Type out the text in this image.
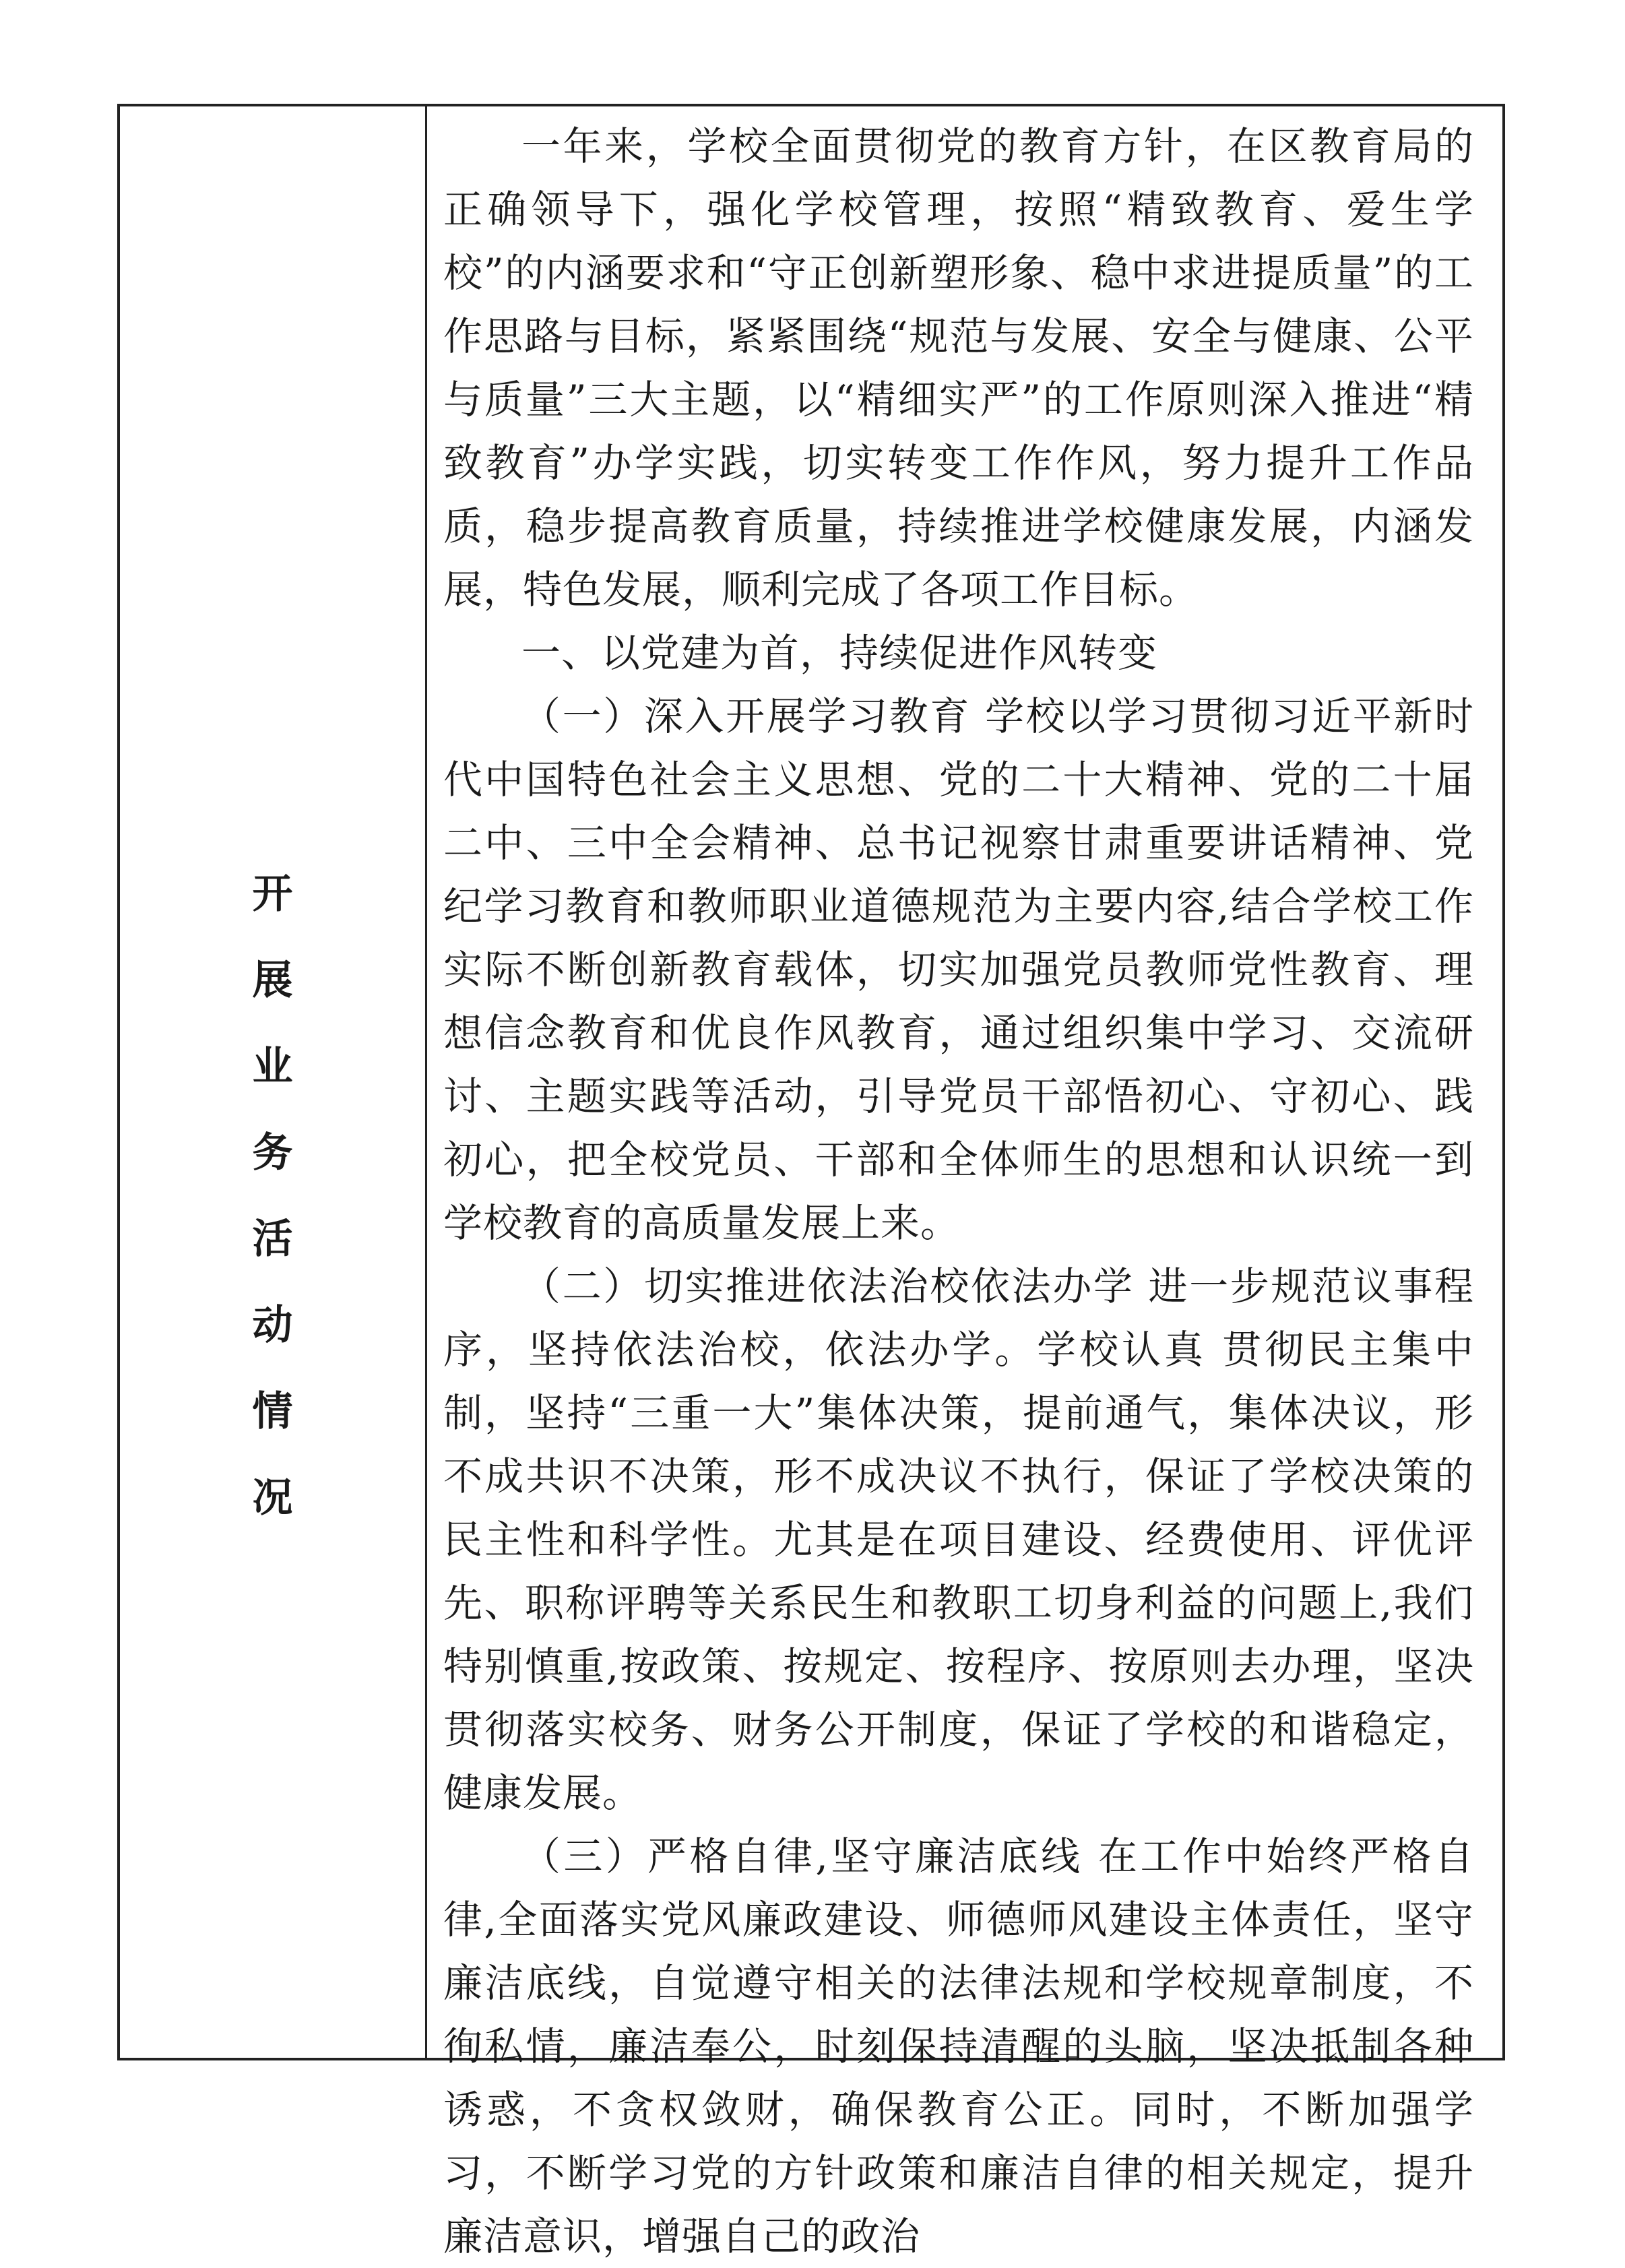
开
展
业
务
活
动
情
况

一年来，学校全面贯彻党的教育方针，在区教育局的正确领导下，强化学校管理，按照“精致教育、爱生学校”的内涵要求和“守正创新塑形象、稳中求进提质量”的工作思路与目标，紧紧围绕“规范与发展、安全与健康、公平与质量”三大主题，以“精细实严”的工作原则深入推进“精致教育”办学实践，切实转变工作作风，努力提升工作品质，稳步提高教育质量，持续推进学校健康发展，内涵发展，特色发展，顺利完成了各项工作目标。

一、以党建为首，持续促进作风转变

（一）深入开展学习教育 学校以学习贯彻习近平新时代中国特色社会主义思想、党的二十大精神、党的二十届二中、三中全会精神、总书记视察甘肃重要讲话精神、党纪学习教育和教师职业道德规范为主要内容,结合学校工作实际不断创新教育载体，切实加强党员教师党性教育、理想信念教育和优良作风教育，通过组织集中学习、交流研讨、主题实践等活动，引导党员干部悟初心、守初心、践初心，把全校党员、干部和全体师生的思想和认识统一到学校教育的高质量发展上来。

（二）切实推进依法治校依法办学 进一步规范议事程序，坚持依法治校，依法办学。学校认真 贯彻民主集中制，坚持“三重一大”集体决策，提前通气，集体决议，形不成共识不决策，形不成决议不执行，保证了学校决策的民主性和科学性。尤其是在项目建设、经费使用、评优评先、职称评聘等关系民生和教职工切身利益的问题上,我们特别慎重,按政策、按规定、按程序、按原则去办理，坚决贯彻落实校务、财务公开制度，保证了学校的和谐稳定，健康发展。

（三）严格自律,坚守廉洁底线 在工作中始终严格自律,全面落实党风廉政建设、师德师风建设主体责任，坚守廉洁底线，自觉遵守相关的法律法规和学校规章制度，不徇私情，廉洁奉公，时刻保持清醒的头脑，坚决抵制各种诱惑，不贪权敛财，确保教育公正。同时，不断加强学习，不断学习党的方针政策和廉洁自律的相关规定，提升廉洁意识，增强自己的政治
